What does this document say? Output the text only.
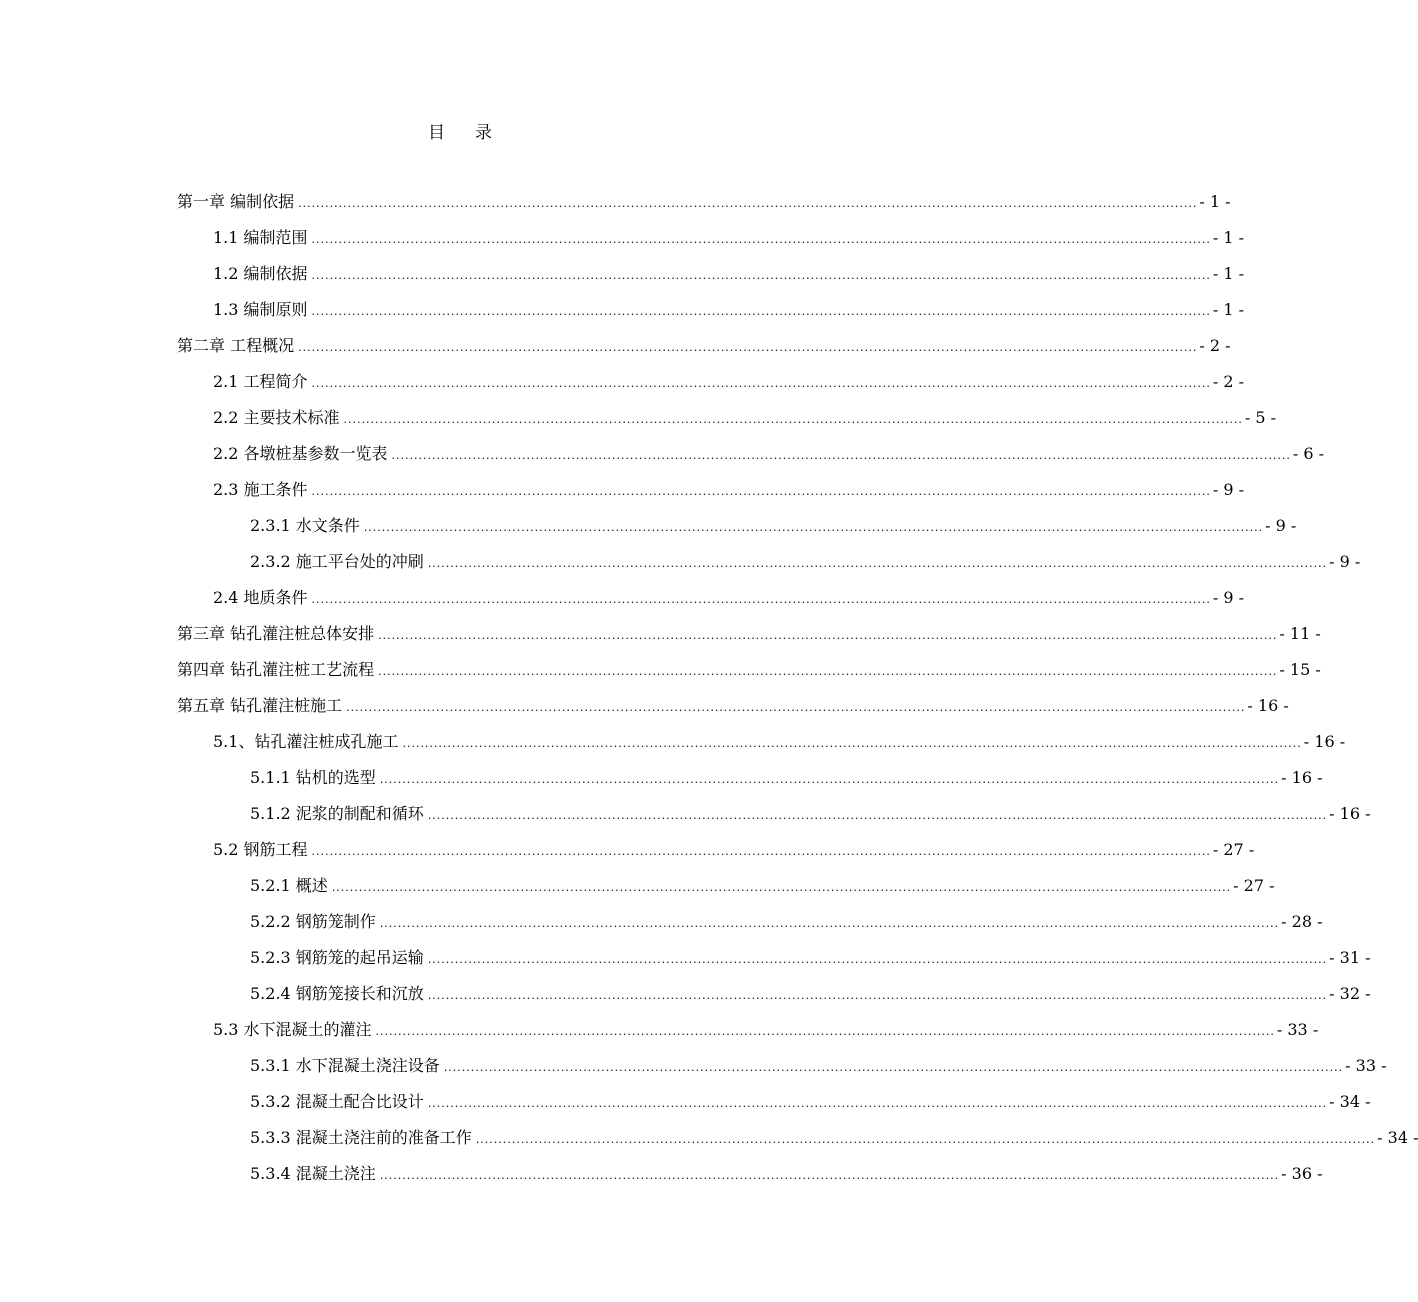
目 录
第一章 编制依据 ........................................................................................................................................................................................................ - 1 -
1.1 编制范围 ........................................................................................................................................................................................................ - 1 -
1.2 编制依据 ........................................................................................................................................................................................................ - 1 -
1.3 编制原则 ........................................................................................................................................................................................................ - 1 -
第二章 工程概况 ........................................................................................................................................................................................................ - 2 -
2.1 工程简介 ........................................................................................................................................................................................................ - 2 -
2.2 主要技术标准 ........................................................................................................................................................................................................ - 5 -
2.2 各墩桩基参数一览表 ........................................................................................................................................................................................................ - 6 -
2.3 施工条件 ........................................................................................................................................................................................................ - 9 -
2.3.1 水文条件 ........................................................................................................................................................................................................ - 9 -
2.3.2 施工平台处的冲刷 ........................................................................................................................................................................................................ - 9 -
2.4 地质条件 ........................................................................................................................................................................................................ - 9 -
第三章 钻孔灌注桩总体安排 ........................................................................................................................................................................................................ - 11 -
第四章 钻孔灌注桩工艺流程 ........................................................................................................................................................................................................ - 15 -
第五章 钻孔灌注桩施工 ........................................................................................................................................................................................................ - 16 -
5.1、钻孔灌注桩成孔施工 ........................................................................................................................................................................................................ - 16 -
5.1.1 钻机的选型 ........................................................................................................................................................................................................ - 16 -
5.1.2 泥浆的制配和循环 ........................................................................................................................................................................................................ - 16 -
5.2 钢筋工程 ........................................................................................................................................................................................................ - 27 -
5.2.1 概述 ........................................................................................................................................................................................................ - 27 -
5.2.2 钢筋笼制作 ........................................................................................................................................................................................................ - 28 -
5.2.3 钢筋笼的起吊运输 ........................................................................................................................................................................................................ - 31 -
5.2.4 钢筋笼接长和沉放 ........................................................................................................................................................................................................ - 32 -
5.3 水下混凝土的灌注 ........................................................................................................................................................................................................ - 33 -
5.3.1 水下混凝土浇注设备 ........................................................................................................................................................................................................ - 33 -
5.3.2 混凝土配合比设计 ........................................................................................................................................................................................................ - 34 -
5.3.3 混凝土浇注前的准备工作 ........................................................................................................................................................................................................ - 34 -
5.3.4 混凝土浇注 ........................................................................................................................................................................................................ - 36 -
